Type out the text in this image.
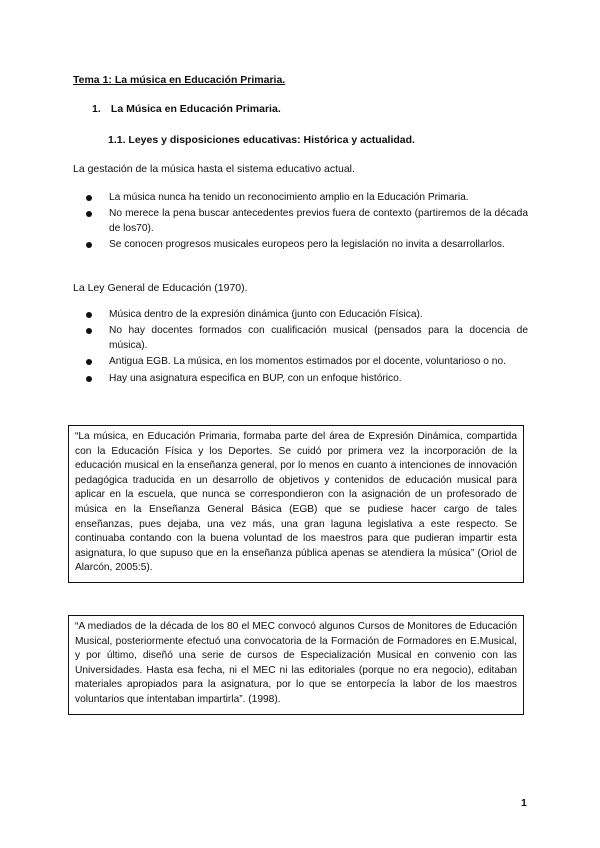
Tema 1: La música en Educación Primaria.
1. La Música en Educación Primaria.
1.1. Leyes y disposiciones educativas: Histórica y actualidad.
La gestación de la música hasta el sistema educativo actual.
La música nunca ha tenido un reconocimiento amplio en la Educación Primaria.
No merece la pena buscar antecedentes previos fuera de contexto (partiremos de la década de los70).
Se conocen progresos musicales europeos pero la legislación no invita a desarrollarlos.
La Ley General de Educación (1970).
Música dentro de la expresión dinámica (junto con Educación Física).
No hay docentes formados con cualificación musical (pensados para la docencia de música).
Antigua EGB. La música, en los momentos estimados por el docente, voluntarioso o no.
Hay una asignatura especifica en BUP, con un enfoque histórico.
“La música, en Educación Primaria, formaba parte del área de Expresión Dinámica, compartida con la Educación Física y los Deportes. Se cuidó por primera vez la incorporación de la educación musical en la enseñanza general, por lo menos en cuanto a intenciones de innovación pedagógica traducida en un desarrollo de objetivos y contenidos de educación musical para aplicar en la escuela, que nunca se correspondieron con la asignación de un profesorado de música en la Enseñanza General Básica (EGB) que se pudiese hacer cargo de tales enseñanzas, pues dejaba, una vez más, una gran laguna legislativa a este respecto. Se continuaba contando con la buena voluntad de los maestros para que pudieran impartir esta asignatura, lo que supuso que en la enseñanza pública apenas se atendiera la música” (Oriol de Alarcón, 2005:5).
“A mediados de la década de los 80 el MEC convocó algunos Cursos de Monitores de Educación Musical, posteriormente efectuó una convocatoria de la Formación de Formadores en E.Musical, y por último, diseñó una serie de cursos de Especialización Musical en convenio con las Universidades. Hasta esa fecha, ni el MEC ni las editoriales (porque no era negocio), editaban materiales apropiados para la asignatura, por lo que se entorpecía la labor de los maestros voluntarios que intentaban impartirla”. (1998).
1
